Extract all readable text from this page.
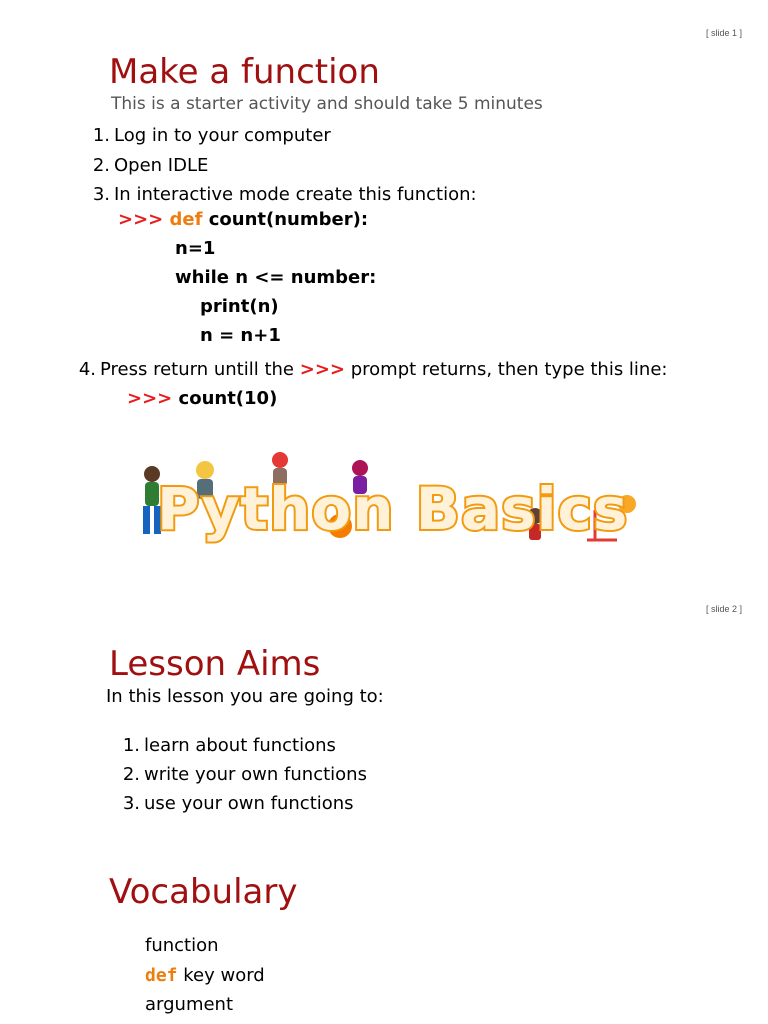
[ slide 1 ]
Make a function
This is a starter activity and should take 5 minutes
1. Log in to your computer
2. Open IDLE
3. In interactive mode create this function:
>>> def count(number):
n=1
while n <= number:
print(n)
n = n+1
4. Press return untill the >>> prompt returns, then type this line:
>>> count(10)
Python Basics
[ slide 2 ]
Lesson Aims
In this lesson you are going to:
1. learn about functions
2. write your own functions
3. use your own functions
Vocabulary
function
def key word
argument
